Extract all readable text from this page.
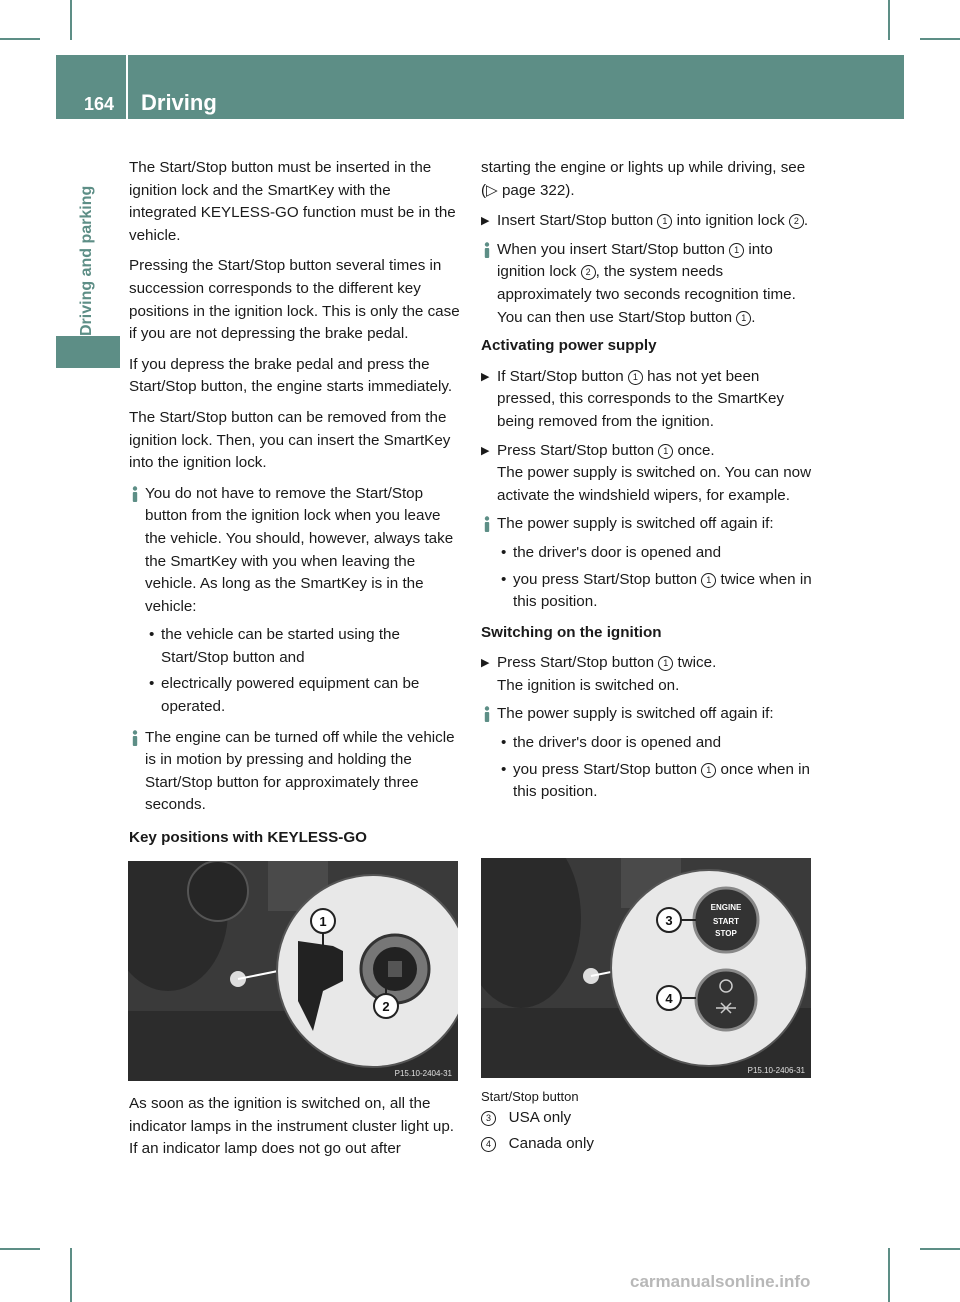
164 Driving
Driving and parking

The Start/Stop button must be inserted in the ignition lock and the SmartKey with the integrated KEYLESS-GO function must be in the vehicle.

Pressing the Start/Stop button several times in succession corresponds to the different key positions in the ignition lock. This is only the case if you are not depressing the brake pedal.

If you depress the brake pedal and press the Start/Stop button, the engine starts immediately.

The Start/Stop button can be removed from the ignition lock. Then, you can insert the SmartKey into the ignition lock.

You do not have to remove the Start/Stop button from the ignition lock when you leave the vehicle. You should, however, always take the SmartKey with you when leaving the vehicle. As long as the SmartKey is in the vehicle:
• the vehicle can be started using the Start/Stop button and
• electrically powered equipment can be operated.
The engine can be turned off while the vehicle is in motion by pressing and holding the Start/Stop button for approximately three seconds.

Key positions with KEYLESS-GO

1
2
P15.10-2404-31

As soon as the ignition is switched on, all the indicator lamps in the instrument cluster light up. If an indicator lamp does not go out after

starting the engine or lights up while driving, see (▷ page 322).

▶ Insert Start/Stop button 1 into ignition lock 2 .
When you insert Start/Stop button 1 into ignition lock 2 , the system needs approximately two seconds recognition time. You can then use Start/Stop button 1 .

Activating power supply

▶ If Start/Stop button 1 has not yet been pressed, this corresponds to the SmartKey being removed from the ignition.
▶ Press Start/Stop button 1 once.
The power supply is switched on. You can now activate the windshield wipers, for example.
The power supply is switched off again if:
• the driver's door is opened and
• you press Start/Stop button 1 twice when in this position.

Switching on the ignition

▶ Press Start/Stop button 1 twice.
The ignition is switched on.
The power supply is switched off again if:
• the driver's door is opened and
• you press Start/Stop button 1 once when in this position.
ENGINE
START
STOP
3
4
P15.10-2406-31
Start/Stop button
3 USA only
4 Canada only
carmanualsonline.info
